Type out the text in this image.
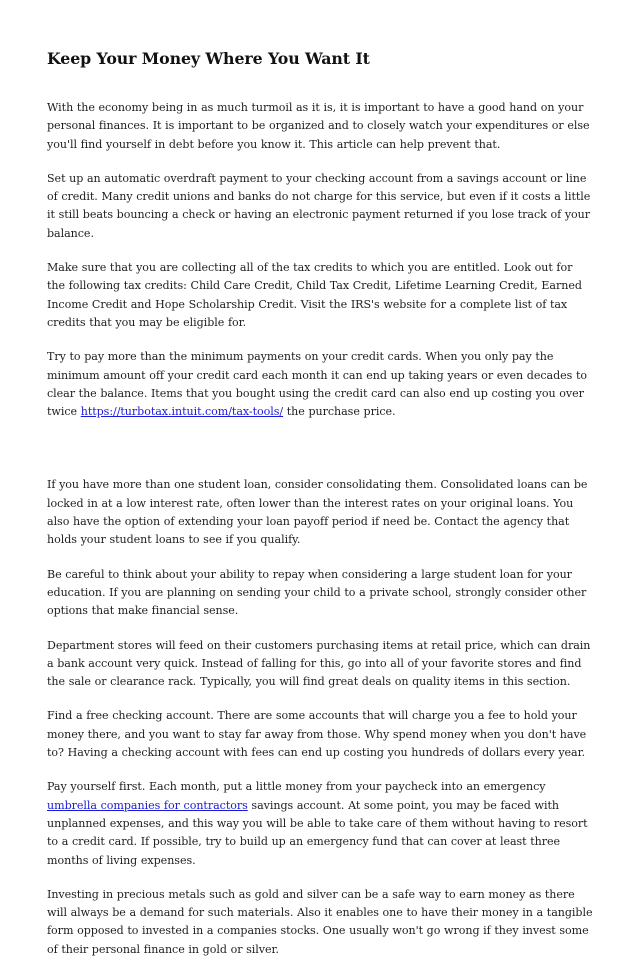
Keep Your Money Where You Want It

With the economy being in as much turmoil as it is, it is important to have a good hand on your personal finances. It is important to be organized and to closely watch your expenditures or else you'll find yourself in debt before you know it. This article can help prevent that.

Set up an automatic overdraft payment to your checking account from a savings account or line of credit. Many credit unions and banks do not charge for this service, but even if it costs a little it still beats bouncing a check or having an electronic payment returned if you lose track of your balance.

Make sure that you are collecting all of the tax credits to which you are entitled. Look out for the following tax credits: Child Care Credit, Child Tax Credit, Lifetime Learning Credit, Earned Income Credit and Hope Scholarship Credit. Visit the IRS's website for a complete list of tax credits that you may be eligible for.

Try to pay more than the minimum payments on your credit cards. When you only pay the minimum amount off your credit card each month it can end up taking years or even decades to clear the balance. Items that you bought using the credit card can also end up costing you over twice https://turbotax.intuit.com/tax-tools/ the purchase price.

If you have more than one student loan, consider consolidating them. Consolidated loans can be locked in at a low interest rate, often lower than the interest rates on your original loans. You also have the option of extending your loan payoff period if need be. Contact the agency that holds your student loans to see if you qualify.

Be careful to think about your ability to repay when considering a large student loan for your education. If you are planning on sending your child to a private school, strongly consider other options that make financial sense.

Department stores will feed on their customers purchasing items at retail price, which can drain a bank account very quick. Instead of falling for this, go into all of your favorite stores and find the sale or clearance rack. Typically, you will find great deals on quality items in this section.

Find a free checking account. There are some accounts that will charge you a fee to hold your money there, and you want to stay far away from those. Why spend money when you don't have to? Having a checking account with fees can end up costing you hundreds of dollars every year.

Pay yourself first. Each month, put a little money from your paycheck into an emergency umbrella companies for contractors savings account. At some point, you may be faced with unplanned expenses, and this way you will be able to take care of them without having to resort to a credit card. If possible, try to build up an emergency fund that can cover at least three months of living expenses.

Investing in precious metals such as gold and silver can be a safe way to earn money as there will always be a demand for such materials. Also it enables one to have their money in a tangible form opposed to invested in a companies stocks. One usually won't go wrong if they invest some of their personal finance in gold or silver.
